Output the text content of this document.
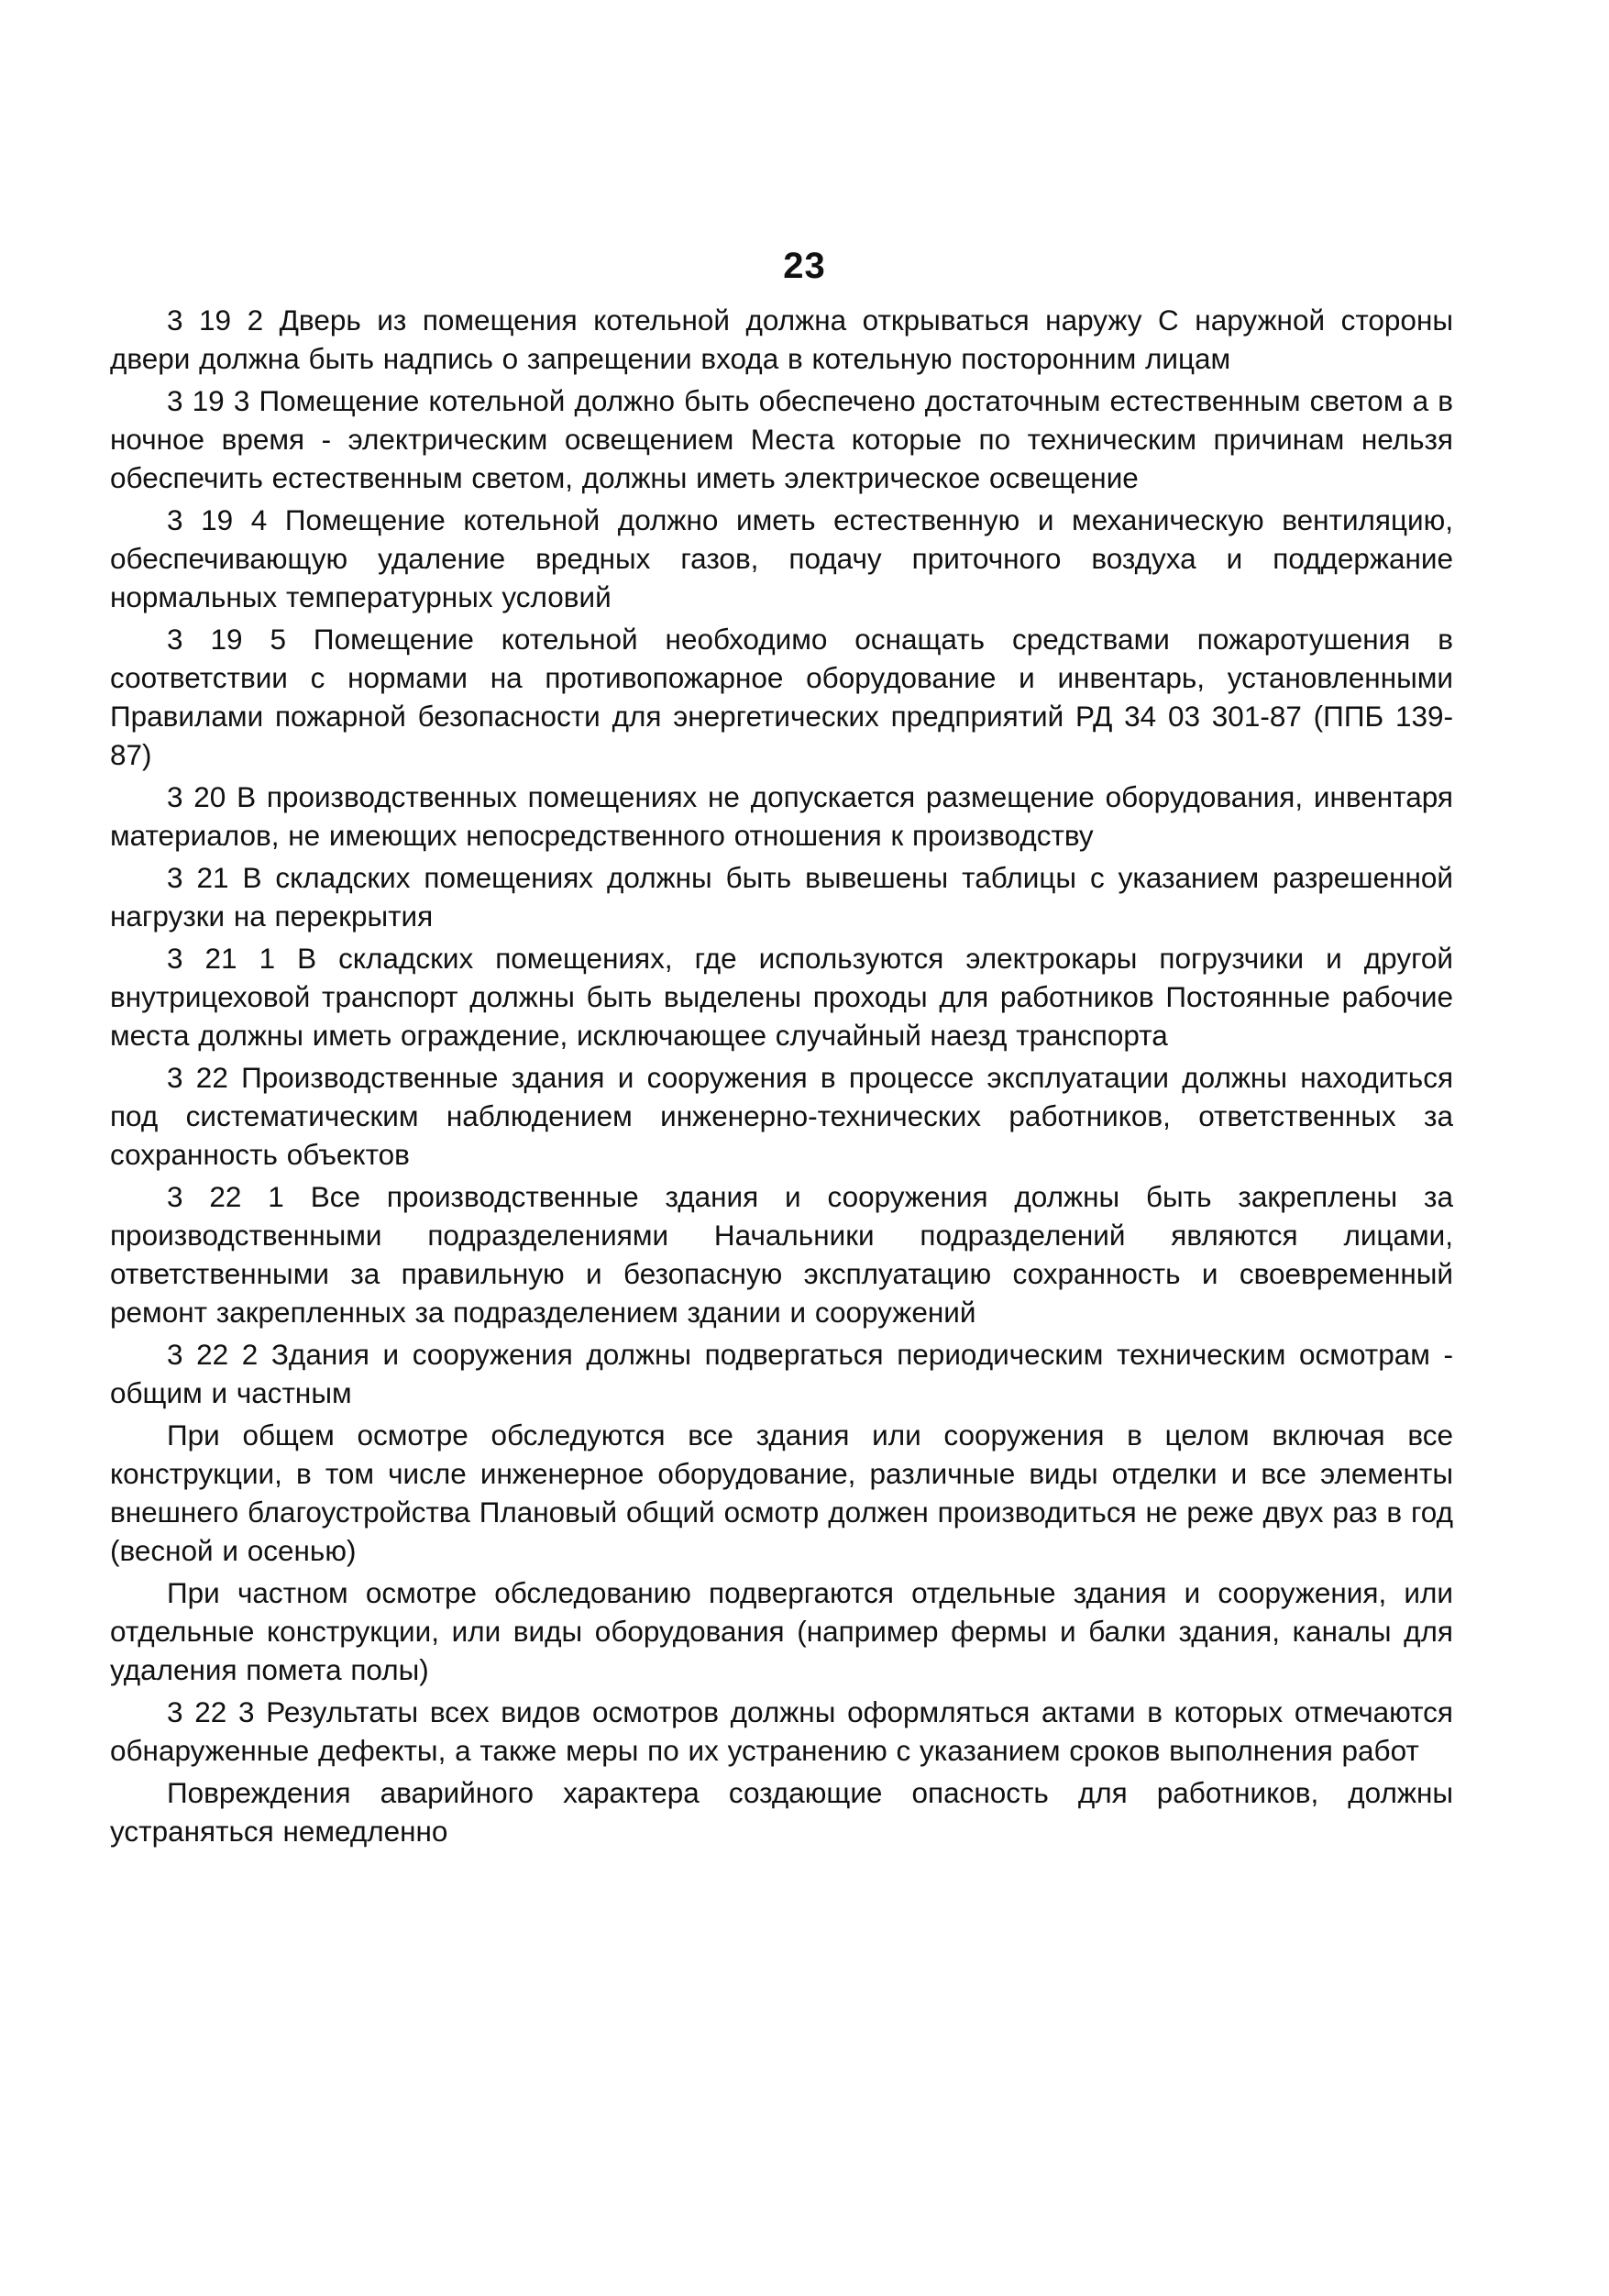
23

3 19 2 Дверь из помещения котельной должна открываться наружу С наружной стороны двери должна быть надпись о запрещении входа в котельную посторонним лицам

3 19 3 Помещение котельной должно быть обеспечено достаточным естественным светом а в ночное время - электрическим освещением Места которые по техническим причинам нельзя обеспечить естественным светом, должны иметь электрическое освещение

3 19 4 Помещение котельной должно иметь естественную и механическую вентиляцию, обеспечивающую удаление вредных газов, подачу приточного воздуха и поддержание нормальных температурных условий

3 19 5 Помещение котельной необходимо оснащать средствами пожаротушения в соответствии с нормами на противопожарное оборудование и инвентарь, установленными Правилами пожарной безопасности для энергетических предприятий РД 34 03 301-87 (ППБ 139-87)

3 20 В производственных помещениях не допускается размещение оборудования, инвентаря материалов, не имеющих непосредственного отношения к производству

3 21 В складских помещениях должны быть вывешены таблицы с указанием разрешенной нагрузки на перекрытия

3 21 1 В складских помещениях, где используются электрокары погрузчики и другой внутрицеховой транспорт должны быть выделены проходы для работников Постоянные рабочие места должны иметь ограждение, исключающее случайный наезд транспорта

3 22 Производственные здания и сооружения в процессе эксплуатации должны находиться под систематическим наблюдением инженерно-технических работников, ответственных за сохранность объектов

3 22 1 Все производственные здания и сооружения должны быть закреплены за производственными подразделениями Начальники подразделений являются лицами, ответственными за правильную и безопасную эксплуатацию сохранность и своевременный ремонт закрепленных за подразделением здании и сооружений

3 22 2 Здания и сооружения должны подвергаться периодическим техническим осмотрам - общим и частным

При общем осмотре обследуются все здания или сооружения в целом включая все конструкции, в том числе инженерное оборудование, различные виды отделки и все элементы внешнего благоустройства Плановый общий осмотр должен производиться не реже двух раз в год (весной и осенью)

При частном осмотре обследованию подвергаются отдельные здания и сооружения, или отдельные конструкции, или виды оборудования (например фермы и балки здания, каналы для удаления помета полы)

3 22 3 Результаты всех видов осмотров должны оформляться актами в которых отмечаются обнаруженные дефекты, а также меры по их устранению с указанием сроков выполнения работ

Повреждения аварийного характера создающие опасность для работников, должны устраняться немедленно
